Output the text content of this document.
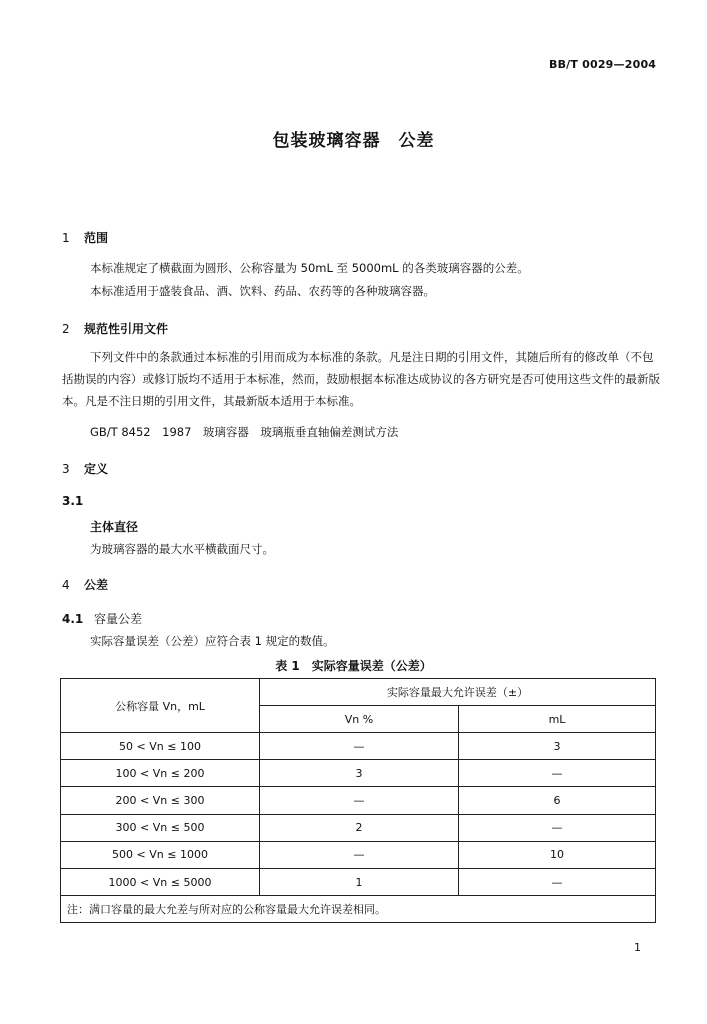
BB/T 0029—2004
包装玻璃容器　公差
1 范围
本标准规定了横截面为圆形、公称容量为 50mL 至 5000mL 的各类玻璃容器的公差。
本标准适用于盛装食品、酒、饮料、药品、农药等的各种玻璃容器。
2 规范性引用文件
下列文件中的条款通过本标准的引用而成为本标准的条款。凡是注日期的引用文件，其随后所有的修改单（不包括勘误的内容）或修订版均不适用于本标准，然而，鼓励根据本标准达成协议的各方研究是否可使用这些文件的最新版本。凡是不注日期的引用文件，其最新版本适用于本标准。
GB/T 8452　1987　玻璃容器　玻璃瓶垂直轴偏差测试方法
3 定义
3.1
主体直径
为玻璃容器的最大水平横截面尺寸。
4 公差
4.1 容量公差
实际容量误差（公差）应符合表 1 规定的数值。
表 1　实际容量误差（公差）
公称容量 Vn，mL	实际容量最大允许误差（±）	
	Vn %	mL
50 < Vn ≤ 100	—	3
100 < Vn ≤ 200	3	—
200 < Vn ≤ 300	—	6
300 < Vn ≤ 500	2	—
500 < Vn ≤ 1000	—	10
1000 < Vn ≤ 5000	1	—
注：满口容量的最大允差与所对应的公称容量最大允许误差相同。		
1
